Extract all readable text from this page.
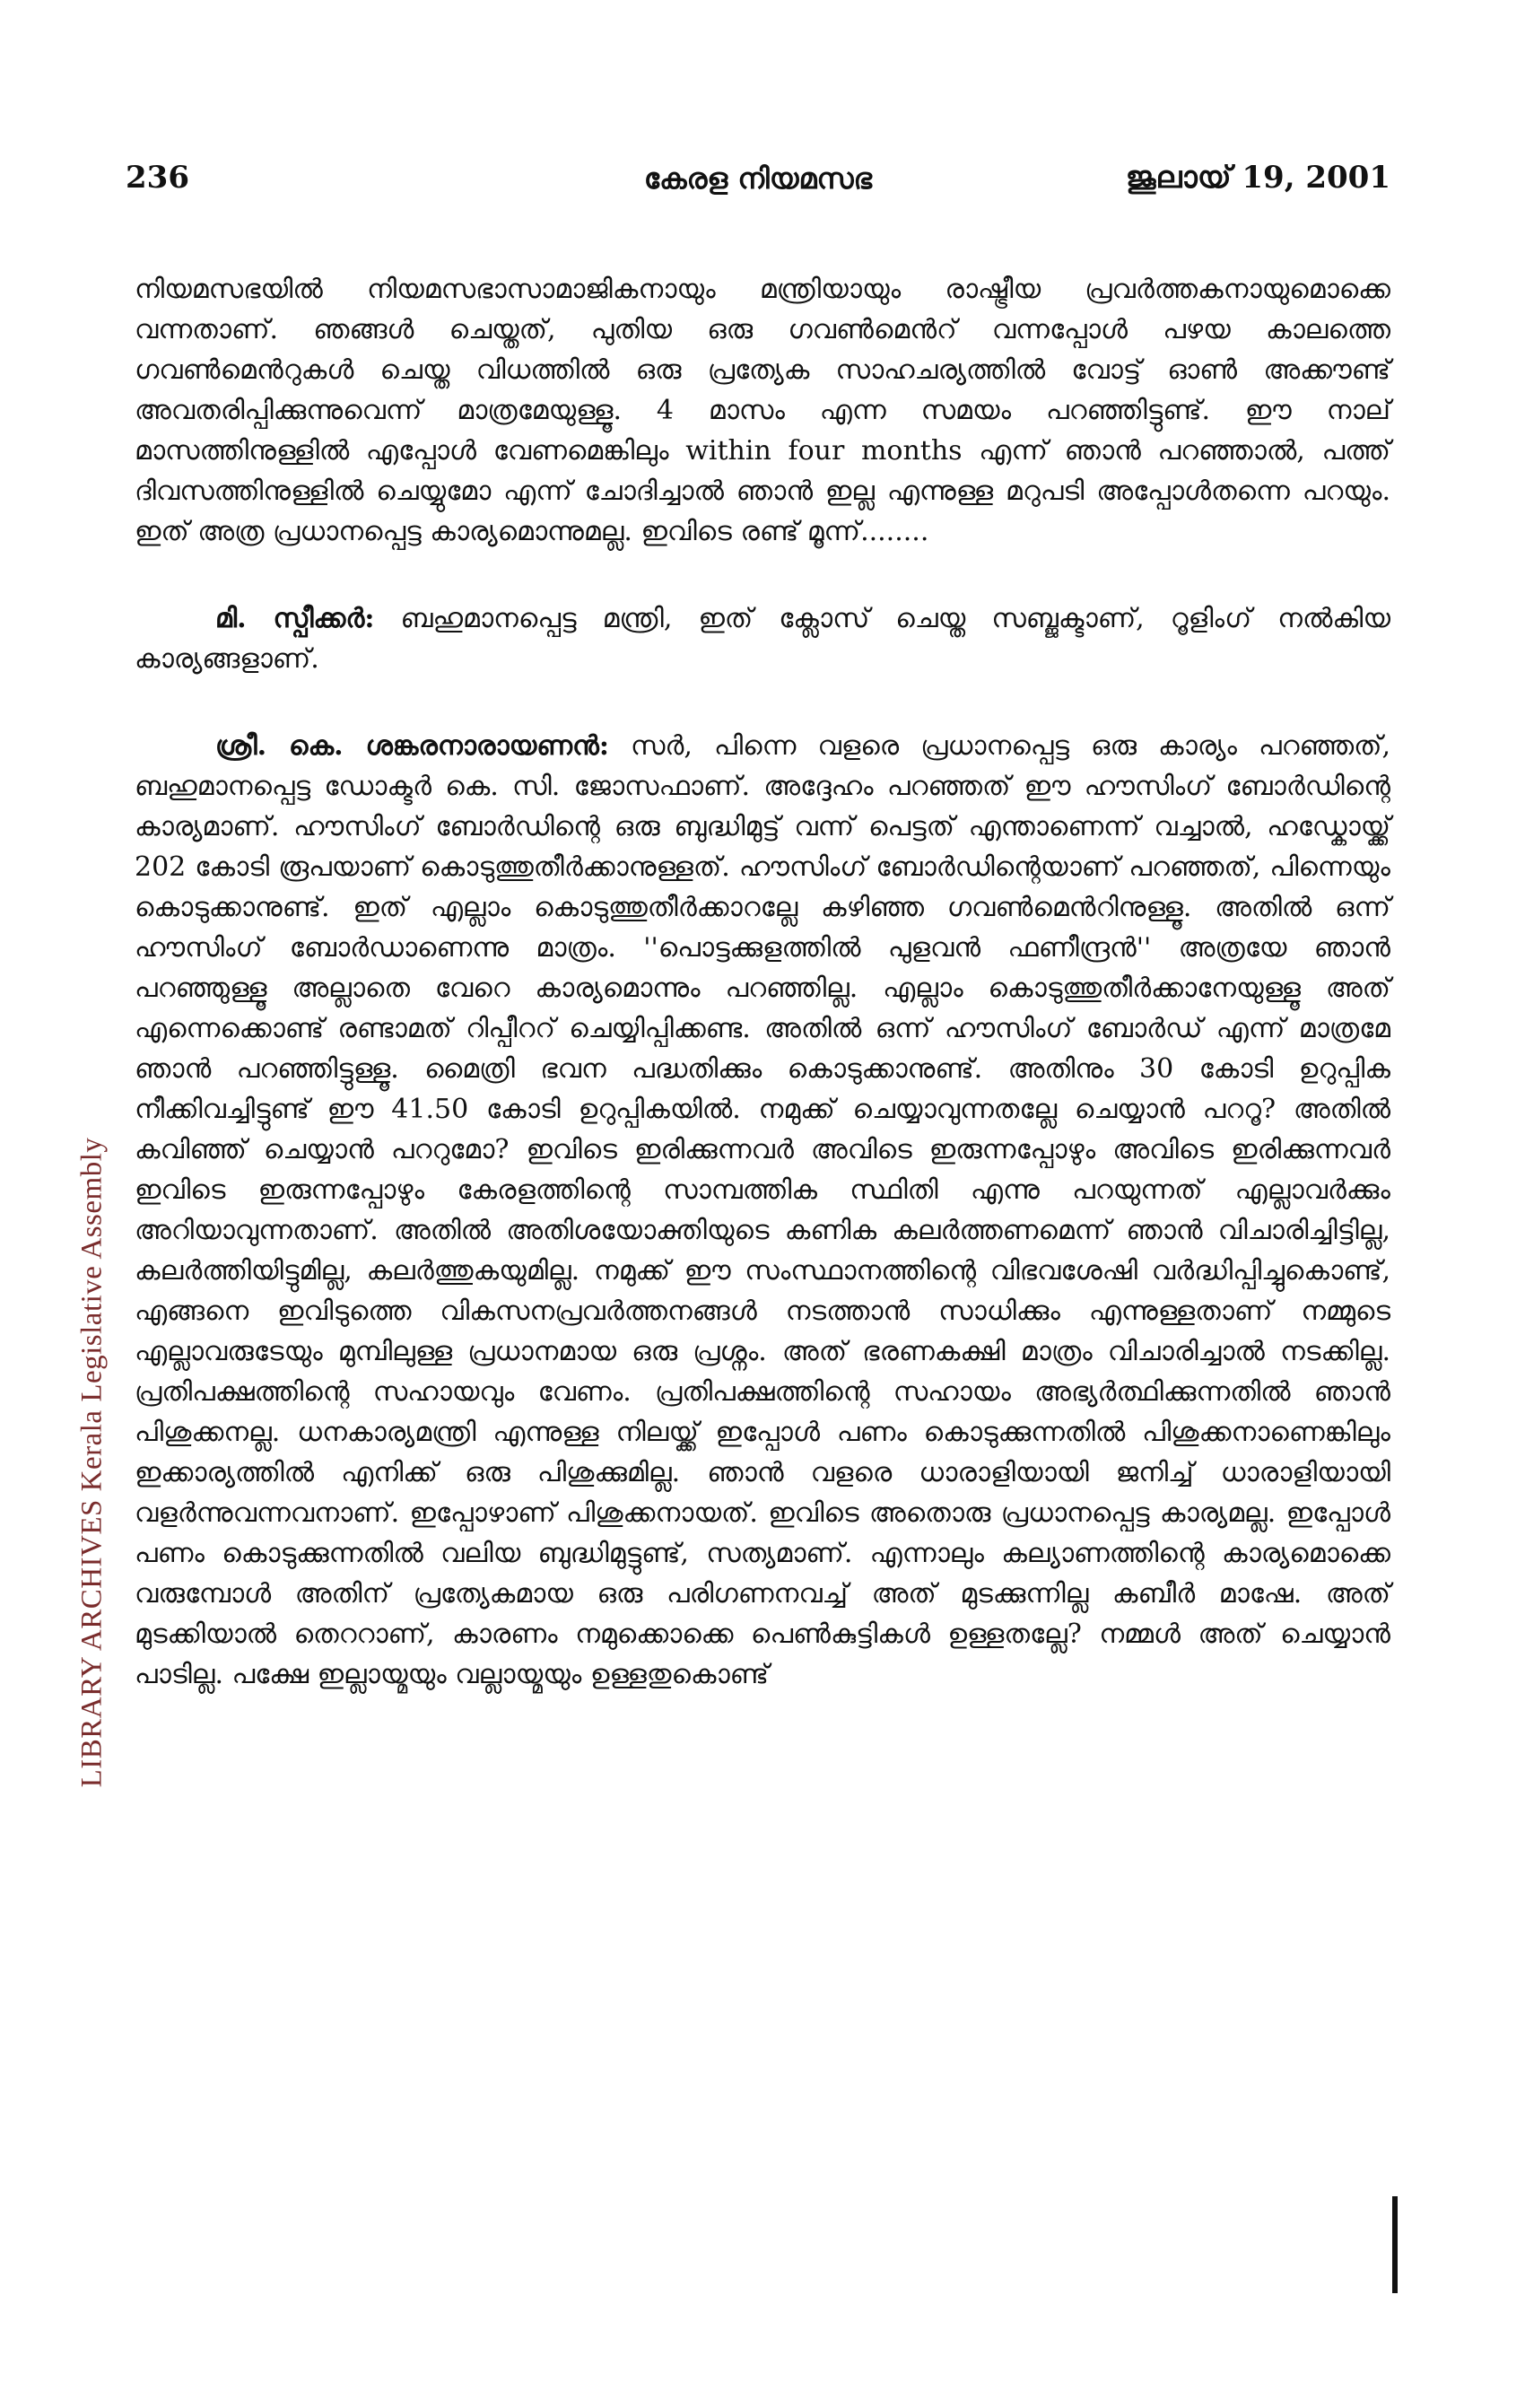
LIBRARY ARCHIVES Kerala Legislative Assembly
236	കേരള നിയമസഭ	ജൂലായ് 19, 2001

നിയമസഭയിൽ നിയമസഭാസാമാജികനായും മന്ത്രിയായും രാഷ്ട്രീയ പ്രവർത്തകനായുമൊക്കെ വന്നതാണ്. ഞങ്ങൾ ചെയ്തത്, പുതിയ ഒരു ഗവൺമെൻറ് വന്നപ്പോൾ പഴയ കാലത്തെ ഗവൺമെൻറുകൾ ചെയ്ത വിധത്തിൽ ഒരു പ്രത്യേക സാഹചര്യത്തിൽ വോട്ട് ഓൺ അക്കൗണ്ട് അവതരിപ്പിക്കുന്നുവെന്ന് മാത്രമേയുള്ളൂ. 4 മാസം എന്ന സമയം പറഞ്ഞിട്ടുണ്ട്. ഈ നാല് മാസത്തിനുള്ളിൽ എപ്പോൾ വേണമെങ്കിലും within four months എന്ന് ഞാൻ പറഞ്ഞാൽ, പത്ത് ദിവസത്തിനുള്ളിൽ ചെയ്യുമോ എന്ന് ചോദിച്ചാൽ ഞാൻ ഇല്ല എന്നുള്ള മറുപടി അപ്പോൾതന്നെ പറയും. ഇത് അത്ര പ്രധാനപ്പെട്ട കാര്യമൊന്നുമല്ല. ഇവിടെ രണ്ട് മൂന്ന്........

മി. സ്പീക്കർ: ബഹുമാനപ്പെട്ട മന്ത്രി, ഇത് ക്ലോസ് ചെയ്ത സബ്ജക്ടാണ്, റൂളിംഗ് നൽകിയ കാര്യങ്ങളാണ്.

ശ്രീ. കെ. ശങ്കരനാരായണൻ: സർ, പിന്നെ വളരെ പ്രധാനപ്പെട്ട ഒരു കാര്യം പറഞ്ഞത്, ബഹുമാനപ്പെട്ട ഡോക്ടർ കെ. സി. ജോസഫാണ്. അദ്ദേഹം പറഞ്ഞത് ഈ ഹൗസിംഗ് ബോർഡിന്റെ കാര്യമാണ്. ഹൗസിംഗ് ബോർഡിന്റെ ഒരു ബുദ്ധിമുട്ട് വന്ന് പെട്ടത് എന്താണെന്ന് വച്ചാൽ, ഹഡ്കോയ്ക്ക് 202 കോടി രൂപയാണ് കൊടുത്തുതീർക്കാനുള്ളത്. ഹൗസിംഗ് ബോർഡിന്റെയാണ് പറഞ്ഞത്, പിന്നെയും കൊടുക്കാനുണ്ട്. ഇത് എല്ലാം കൊടുത്തുതീർക്കാറല്ലേ കഴിഞ്ഞ ഗവൺമെൻറിനുള്ളൂ. അതിൽ ഒന്ന് ഹൗസിംഗ് ബോർഡാണെന്നു മാത്രം. ''പൊട്ടക്കുളത്തിൽ പുളവൻ ഫണീന്ദ്രൻ'' അത്രയേ ഞാൻ പറഞ്ഞുള്ളൂ അല്ലാതെ വേറെ കാര്യമൊന്നും പറഞ്ഞില്ല. എല്ലാം കൊടുത്തുതീർക്കാനേയുള്ളൂ അത് എന്നെക്കൊണ്ട് രണ്ടാമത് റിപ്പീററ് ചെയ്യിപ്പിക്കണ്ട. അതിൽ ഒന്ന് ഹൗസിംഗ് ബോർഡ് എന്ന് മാത്രമേ ഞാൻ പറഞ്ഞിട്ടുള്ളൂ. മൈത്രി ഭവന പദ്ധതിക്കും കൊടുക്കാനുണ്ട്. അതിനും 30 കോടി ഉറുപ്പിക നീക്കിവച്ചിട്ടുണ്ട് ഈ 41.50 കോടി ഉറുപ്പികയിൽ. നമുക്ക് ചെയ്യാവുന്നതല്ലേ ചെയ്യാൻ പററൂ? അതിൽ കവിഞ്ഞ് ചെയ്യാൻ പററുമോ? ഇവിടെ ഇരിക്കുന്നവർ അവിടെ ഇരുന്നപ്പോഴും അവിടെ ഇരിക്കുന്നവർ ഇവിടെ ഇരുന്നപ്പോഴും കേരളത്തിന്റെ സാമ്പത്തിക സ്ഥിതി എന്നു പറയുന്നത് എല്ലാവർക്കും അറിയാവുന്നതാണ്. അതിൽ അതിശയോക്തിയുടെ കണിക കലർത്തണമെന്ന് ഞാൻ വിചാരിച്ചിട്ടില്ല, കലർത്തിയിട്ടുമില്ല, കലർത്തുകയുമില്ല. നമുക്ക് ഈ സംസ്ഥാനത്തിന്റെ വിഭവശേഷി വർദ്ധിപ്പിച്ചുകൊണ്ട്, എങ്ങനെ ഇവിടുത്തെ വികസനപ്രവർത്തനങ്ങൾ നടത്താൻ സാധിക്കും എന്നുള്ളതാണ് നമ്മുടെ എല്ലാവരുടേയും മുമ്പിലുള്ള പ്രധാനമായ ഒരു പ്രശ്നം. അത് ഭരണകക്ഷി മാത്രം വിചാരിച്ചാൽ നടക്കില്ല. പ്രതിപക്ഷത്തിന്റെ സഹായവും വേണം. പ്രതിപക്ഷത്തിന്റെ സഹായം അഭ്യർത്ഥിക്കുന്നതിൽ ഞാൻ പിശുക്കനല്ല. ധനകാര്യമന്ത്രി എന്നുള്ള നിലയ്ക്ക് ഇപ്പോൾ പണം കൊടുക്കുന്നതിൽ പിശുക്കനാണെങ്കിലും ഇക്കാര്യത്തിൽ എനിക്ക് ഒരു പിശുക്കുമില്ല. ഞാൻ വളരെ ധാരാളിയായി ജനിച്ച് ധാരാളിയായി വളർന്നുവന്നവനാണ്. ഇപ്പോഴാണ് പിശുക്കനായത്. ഇവിടെ അതൊരു പ്രധാനപ്പെട്ട കാര്യമല്ല. ഇപ്പോൾ പണം കൊടുക്കുന്നതിൽ വലിയ ബുദ്ധിമുട്ടുണ്ട്, സത്യമാണ്. എന്നാലും കല്യാണത്തിന്റെ കാര്യമൊക്കെ വരുമ്പോൾ അതിന് പ്രത്യേകമായ ഒരു പരിഗണനവച്ച് അത് മുടക്കുന്നില്ല കബീർ മാഷേ. അത് മുടക്കിയാൽ തെററാണ്, കാരണം നമുക്കൊക്കെ പെൺകുട്ടികൾ ഉള്ളതല്ലേ? നമ്മൾ അത് ചെയ്യാൻ പാടില്ല. പക്ഷേ ഇല്ലായ്മയും വല്ലായ്മയും ഉള്ളതുകൊണ്ട്
